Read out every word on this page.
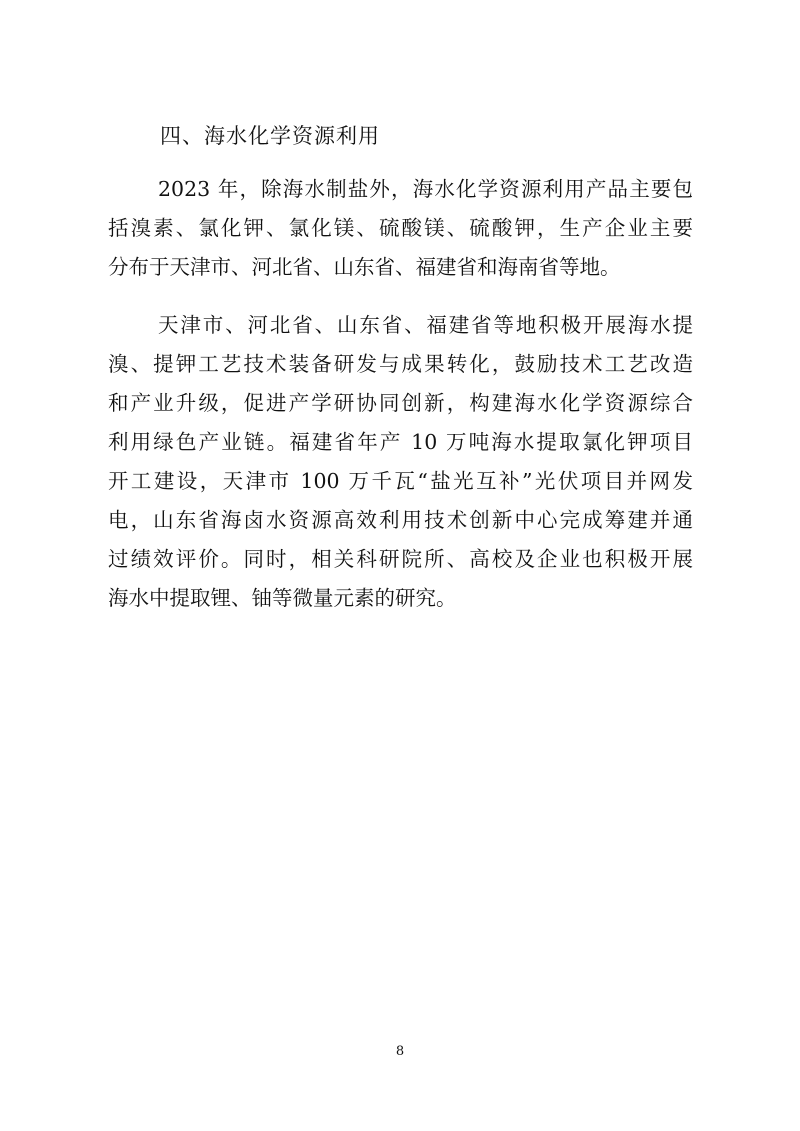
四、海水化学资源利用
2023 年，除海水制盐外，海水化学资源利用产品主要包
括溴素、氯化钾、氯化镁、硫酸镁、硫酸钾，生产企业主要
分布于天津市、河北省、山东省、福建省和海南省等地。
天津市、河北省、山东省、福建省等地积极开展海水提
溴、提钾工艺技术装备研发与成果转化，鼓励技术工艺改造
和产业升级，促进产学研协同创新，构建海水化学资源综合
利用绿色产业链。福建省年产 10 万吨海水提取氯化钾项目
开工建设，天津市 100 万千瓦“盐光互补”光伏项目并网发
电，山东省海卤水资源高效利用技术创新中心完成筹建并通
过绩效评价。同时，相关科研院所、高校及企业也积极开展
海水中提取锂、铀等微量元素的研究。
8
